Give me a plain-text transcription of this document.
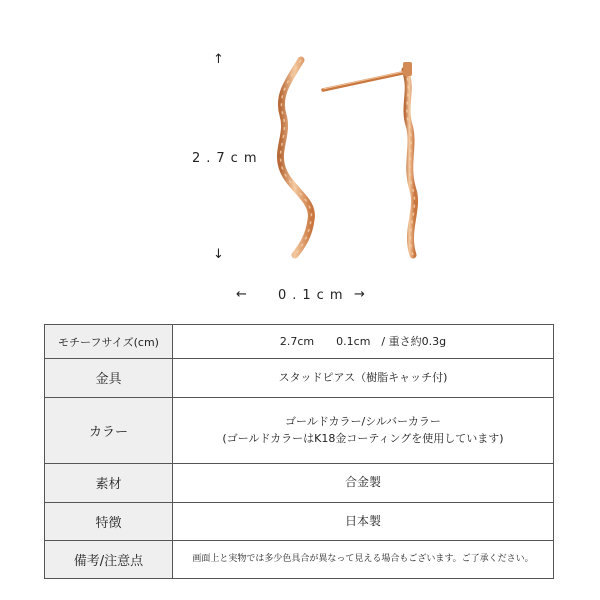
↑
2.7cm
↓
← 0.1cm →
モチーフサイズ(cm)	2.7cm　　0.1cm　/ 重さ約0.3g
金具	スタッドピアス（樹脂キャッチ付)
カラー	ゴールドカラー/シルバーカラー
(ゴールドカラーはK18金コーティングを使用しています)

素材	合金製
特徴	日本製
備考/注意点	画面上と実物では多少色具合が異なって見える場合もございます。ご了承ください。
